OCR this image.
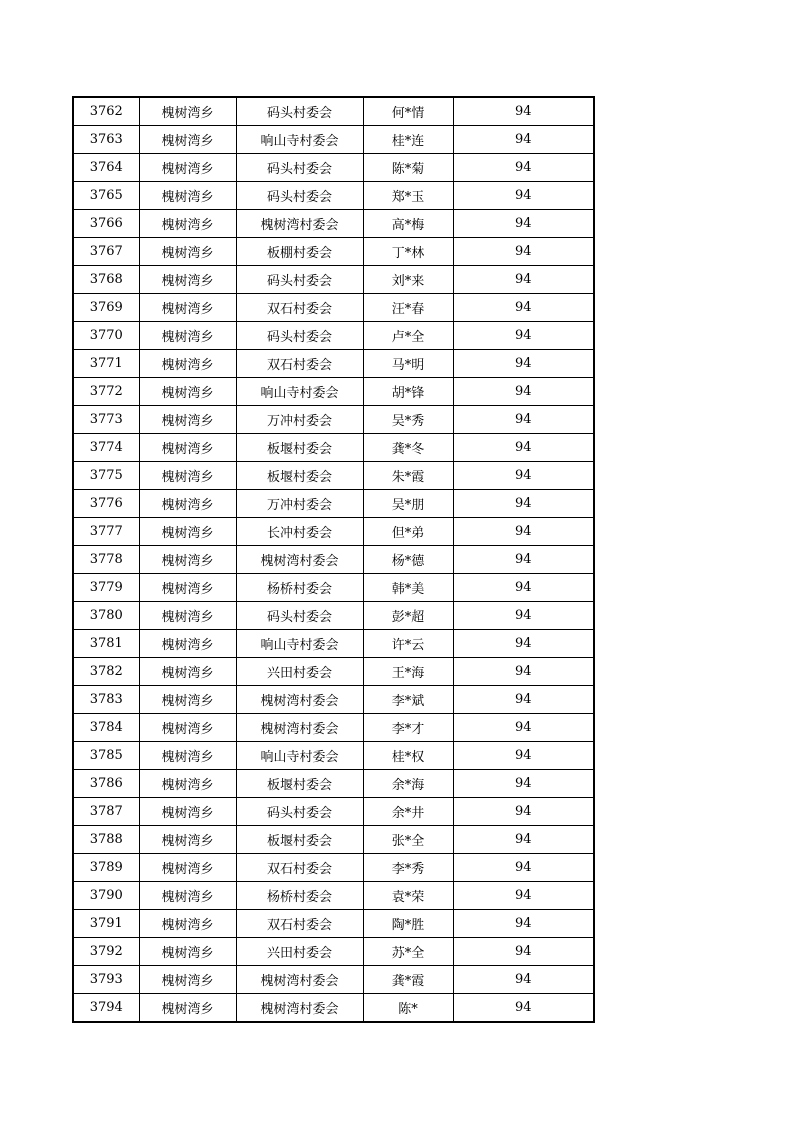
3762	槐树湾乡	码头村委会	何*情	94
3763	槐树湾乡	响山寺村委会	桂*连	94
3764	槐树湾乡	码头村委会	陈*菊	94
3765	槐树湾乡	码头村委会	郑*玉	94
3766	槐树湾乡	槐树湾村委会	高*梅	94
3767	槐树湾乡	板棚村委会	丁*林	94
3768	槐树湾乡	码头村委会	刘*来	94
3769	槐树湾乡	双石村委会	汪*春	94
3770	槐树湾乡	码头村委会	卢*全	94
3771	槐树湾乡	双石村委会	马*明	94
3772	槐树湾乡	响山寺村委会	胡*锋	94
3773	槐树湾乡	万冲村委会	吴*秀	94
3774	槐树湾乡	板堰村委会	龚*冬	94
3775	槐树湾乡	板堰村委会	朱*霞	94
3776	槐树湾乡	万冲村委会	吴*朋	94
3777	槐树湾乡	长冲村委会	但*弟	94
3778	槐树湾乡	槐树湾村委会	杨*德	94
3779	槐树湾乡	杨桥村委会	韩*美	94
3780	槐树湾乡	码头村委会	彭*超	94
3781	槐树湾乡	响山寺村委会	许*云	94
3782	槐树湾乡	兴田村委会	王*海	94
3783	槐树湾乡	槐树湾村委会	李*斌	94
3784	槐树湾乡	槐树湾村委会	李*才	94
3785	槐树湾乡	响山寺村委会	桂*权	94
3786	槐树湾乡	板堰村委会	余*海	94
3787	槐树湾乡	码头村委会	余*井	94
3788	槐树湾乡	板堰村委会	张*全	94
3789	槐树湾乡	双石村委会	李*秀	94
3790	槐树湾乡	杨桥村委会	袁*荣	94
3791	槐树湾乡	双石村委会	陶*胜	94
3792	槐树湾乡	兴田村委会	苏*全	94
3793	槐树湾乡	槐树湾村委会	龚*霞	94
3794	槐树湾乡	槐树湾村委会	陈*	94
